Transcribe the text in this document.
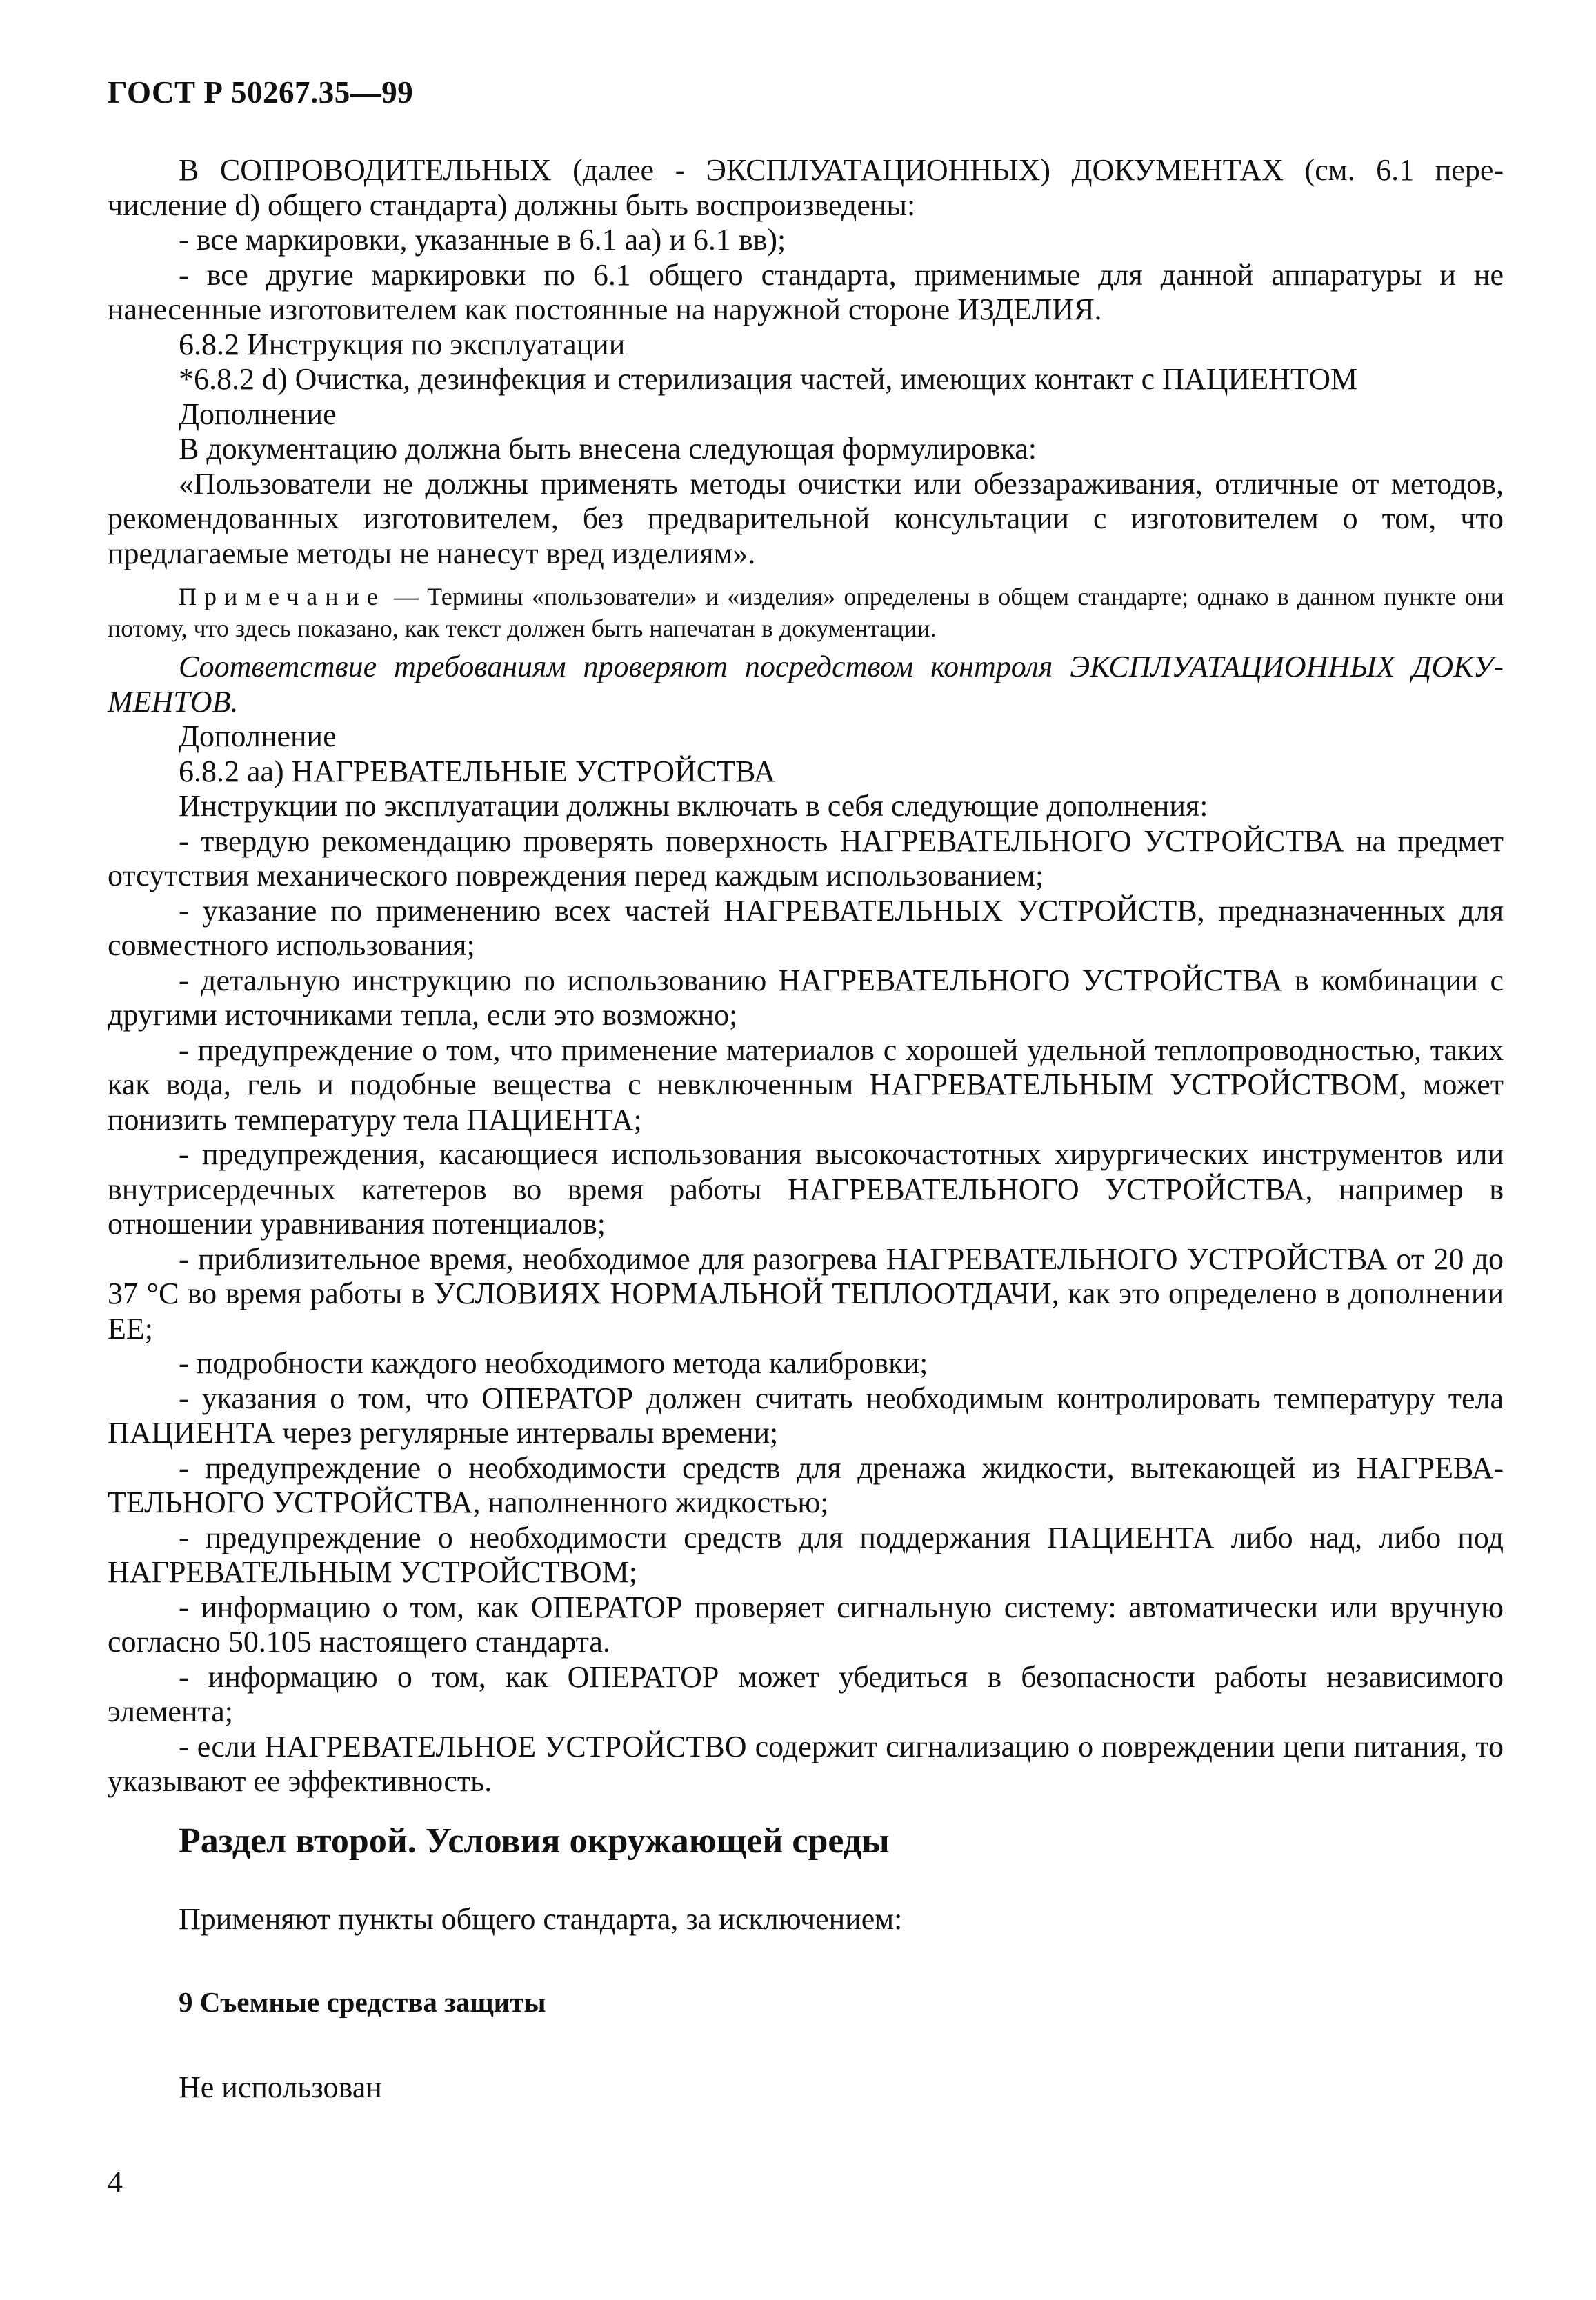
ГОСТ Р 50267.35—99

В СОПРОВОДИТЕЛЬНЫХ (далее - ЭКСПЛУАТАЦИОННЫХ) ДОКУМЕНТАХ (см. 6.1 перечисление d) общего стандарта) должны быть воспроизведены:

- все маркировки, указанные в 6.1 аа) и 6.1 вв);

- все другие маркировки по 6.1 общего стандарта, применимые для данной аппаратуры и не нанесенные изготовителем как постоянные на наружной стороне ИЗДЕЛИЯ.

6.8.2 Инструкция по эксплуатации

*6.8.2 d) Очистка, дезинфекция и стерилизация частей, имеющих контакт с ПАЦИЕНТОМ

Дополнение

В документацию должна быть внесена следующая формулировка:

«Пользователи не должны применять методы очистки или обеззараживания, отличные от методов, рекомендованных изготовителем, без предварительной консультации с изготовителем о том, что предлагаемые методы не нанесут вред изделиям».

Примечание — Термины «пользователи» и «изделия» определены в общем стандарте; однако в данном пункте они потому, что здесь показано, как текст должен быть напечатан в документации.

Соответствие требованиям проверяют посредством контроля ЭКСПЛУАТАЦИОННЫХ ДОКУМЕНТОВ.

Дополнение

6.8.2 аа) НАГРЕВАТЕЛЬНЫЕ УСТРОЙСТВА

Инструкции по эксплуатации должны включать в себя следующие дополнения:

- твердую рекомендацию проверять поверхность НАГРЕВАТЕЛЬНОГО УСТРОЙСТВА на предмет отсутствия механического повреждения перед каждым использованием;

- указание по применению всех частей НАГРЕВАТЕЛЬНЫХ УСТРОЙСТВ, предназначенных для совместного использования;

- детальную инструкцию по использованию НАГРЕВАТЕЛЬНОГО УСТРОЙСТВА в комбинации с другими источниками тепла, если это возможно;

- предупреждение о том, что применение материалов с хорошей удельной теплопроводностью, таких как вода, гель и подобные вещества с невключенным НАГРЕВАТЕЛЬНЫМ УСТРОЙСТВОМ, может понизить температуру тела ПАЦИЕНТА;

- предупреждения, касающиеся использования высокочастотных хирургических инструментов или внутрисердечных катетеров во время работы НАГРЕВАТЕЛЬНОГО УСТРОЙСТВА, например в отношении уравнивания потенциалов;

- приблизительное время, необходимое для разогрева НАГРЕВАТЕЛЬНОГО УСТРОЙСТВА от 20 до 37 °С во время работы в УСЛОВИЯХ НОРМАЛЬНОЙ ТЕПЛООТДАЧИ, как это определено в дополнении ЕЕ;

- подробности каждого необходимого метода калибровки;

- указания о том, что ОПЕРАТОР должен считать необходимым контролировать температуру тела ПАЦИЕНТА через регулярные интервалы времени;

- предупреждение о необходимости средств для дренажа жидкости, вытекающей из НАГРЕВАТЕЛЬНОГО УСТРОЙСТВА, наполненного жидкостью;

- предупреждение о необходимости средств для поддержания ПАЦИЕНТА либо над, либо под НАГРЕВАТЕЛЬНЫМ УСТРОЙСТВОМ;

- информацию о том, как ОПЕРАТОР проверяет сигнальную систему: автоматически или вручную согласно 50.105 настоящего стандарта.

- информацию о том, как ОПЕРАТОР может убедиться в безопасности работы независимого элемента;

- если НАГРЕВАТЕЛЬНОЕ УСТРОЙСТВО содержит сигнализацию о повреждении цепи питания, то указывают ее эффективность.

Раздел второй. Условия окружающей среды
Применяют пункты общего стандарта, за исключением:
9 Съемные средства защиты
Не использован
4
